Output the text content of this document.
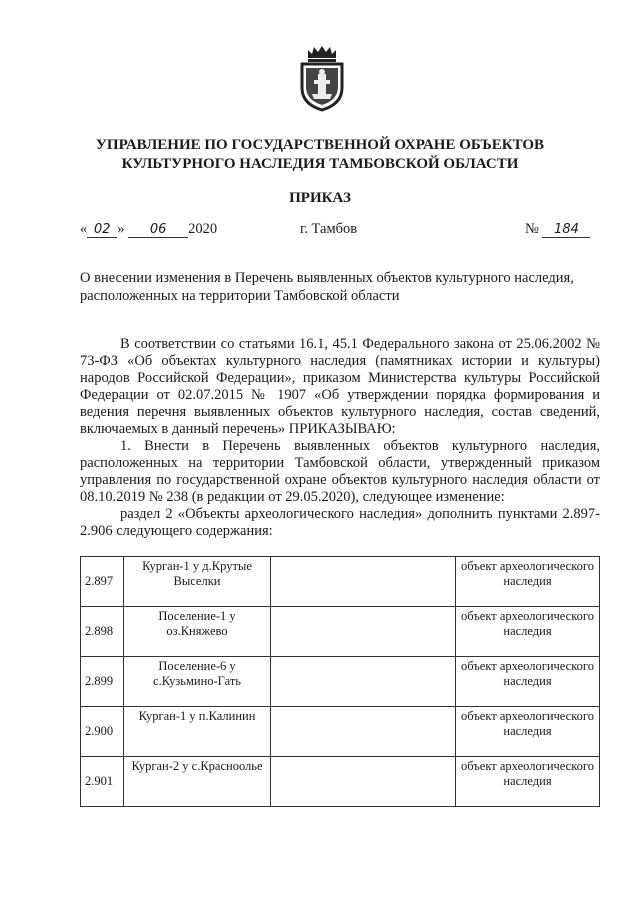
УПРАВЛЕНИЕ ПО ГОСУДАРСТВЕННОЙ ОХРАНЕ ОБЪЕКТОВ
КУЛЬТУРНОГО НАСЛЕДИЯ ТАМБОВСКОЙ ОБЛАСТИ
ПРИКАЗ
« 02 » 06 2020	г. Тамбов	№ 184
О внесении изменения в Перечень выявленных объектов культурного наследия,
расположенных на территории Тамбовской области

В соответствии со статьями 16.1, 45.1 Федерального закона от 25.06.2002 № 73-ФЗ «Об объектах культурного наследия (памятниках истории и культуры) народов Российской Федерации», приказом Министерства культуры Российской Федерации от 02.07.2015 № 1907 «Об утверждении порядка формирования и ведения перечня выявленных объектов культурного наследия, состав сведений, включаемых в данный перечень» ПРИКАЗЫВАЮ:

1. Внести в Перечень выявленных объектов культурного наследия, расположенных на территории Тамбовской области, утвержденный приказом управления по государственной охране объектов культурного наследия области от 08.10.2019 № 238 (в редакции от 29.05.2020), следующее изменение:

раздел 2 «Объекты археологического наследия» дополнить пунктами 2.897-2.906 следующего содержания:

2.897	Курган-1 у д.Крутые Выселки		объект археологического наследия
2.898	Поселение-1 у оз.Княжево		объект археологического наследия
2.899	Поселение-6 у с.Кузьмино-Гать		объект археологического наследия
2.900	Курган-1 у п.Калинин		объект археологического наследия
2.901	Курган-2 у с.Красноолье		объект археологического наследия
